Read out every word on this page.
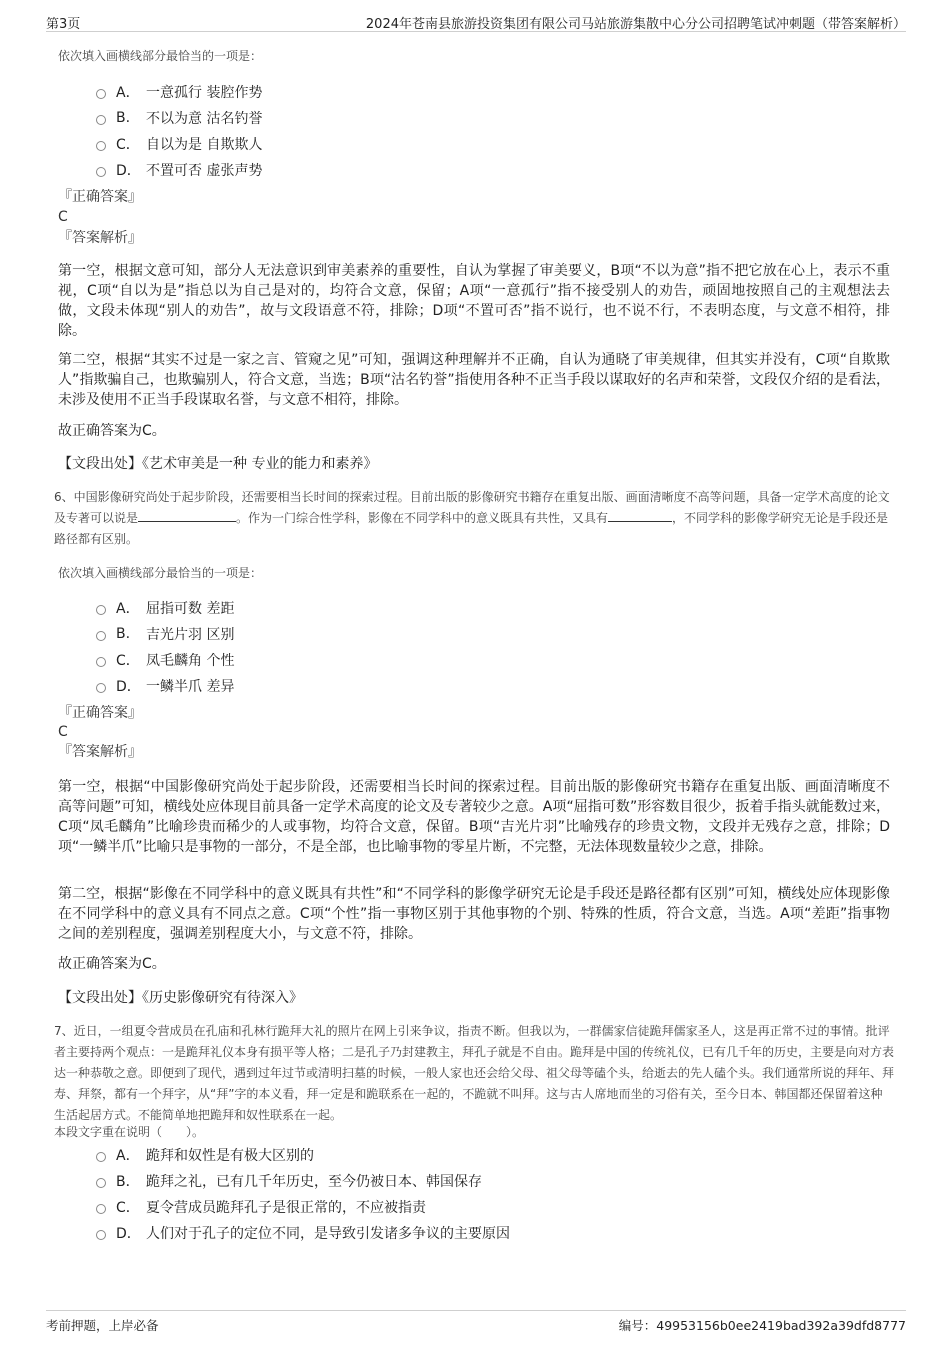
第3页	2024年苍南县旅游投资集团有限公司马站旅游集散中心分公司招聘笔试冲刺题（带答案解析）
依次填入画横线部分最恰当的一项是：
A． 一意孤行 装腔作势
B.	不以为意 沽名钓誉
C． 自以为是 自欺欺人
D． 不置可否 虚张声势
『正确答案』
C
『答案解析』
第一空，根据文意可知，部分人无法意识到审美素养的重要性，自认为掌握了审美要义，B项“不以为意”指不把它放在心上，表示不重视，C项“自以为是”指总以为自己是对的，均符合文意，保留；A项“一意孤行”指不接受别人的劝告，顽固地按照自己的主观想法去做，文段未体现“别人的劝告”，故与文段语意不符，排除；D项“不置可否”指不说行，也不说不行，不表明态度，与文意不相符，排除。
第二空，根据“其实不过是一家之言、管窥之见”可知，强调这种理解并不正确，自认为通晓了审美规律，但其实并没有，C项“自欺欺人”指欺骗自己，也欺骗别人，符合文意，当选；B项“沽名钓誉”指使用各种不正当手段以谋取好的名声和荣誉，文段仅介绍的是看法，未涉及使用不正当手段谋取名誉，与文意不相符，排除。
故正确答案为C。
【文段出处】《艺术审美是一种 专业的能力和素养》
6、中国影像研究尚处于起步阶段，还需要相当长时间的探索过程。目前出版的影像研究书籍存在重复出版、画面清晰度不高等问题，具备一定学术高度的论文及专著可以说是	。作为一门综合性学科，影像在不同学科中的意义既具有共性，又具有	，不同学科的影像学研究无论是手段还是路径都有区别。
依次填入画横线部分最恰当的一项是：
A． 屈指可数 差距
B.	吉光片羽 区别
C． 凤毛麟角 个性
D． 一鳞半爪 差异
『正确答案』
C
『答案解析』
第一空，根据“中国影像研究尚处于起步阶段，还需要相当长时间的探索过程。目前出版的影像研究书籍存在重复出版、画面清晰度不高等问题”可知，横线处应体现目前具备一定学术高度的论文及专著较少之意。A项“屈指可数”形容数目很少，扳着手指头就能数过来，C项“凤毛麟角”比喻珍贵而稀少的人或事物，均符合文意，保留。B项“吉光片羽”比喻残存的珍贵文物，文段并无残存之意，排除；D项“一鳞半爪”比喻只是事物的一部分，不是全部，也比喻事物的零星片断，不完整，无法体现数量较少之意，排除。
第二空，根据“影像在不同学科中的意义既具有共性”和“不同学科的影像学研究无论是手段还是路径都有区别”可知，横线处应体现影像在不同学科中的意义具有不同点之意。C项“个性”指一事物区别于其他事物的个别、特殊的性质，符合文意，当选。A项“差距”指事物之间的差别程度，强调差别程度大小，与文意不符，排除。
故正确答案为C。
【文段出处】《历史影像研究有待深入》
7、近日，一组夏令营成员在孔庙和孔林行跪拜大礼的照片在网上引来争议，指责不断。但我以为，一群儒家信徒跪拜儒家圣人，这是再正常不过的事情。批评者主要持两个观点：一是跪拜礼仪本身有损平等人格；二是孔子乃封建教主，拜孔子就是不自由。跪拜是中国的传统礼仪，已有几千年的历史，主要是向对方表达一种恭敬之意。即便到了现代，遇到过年过节或清明扫墓的时候，一般人家也还会给父母、祖父母等磕个头，给逝去的先人磕个头。我们通常所说的拜年、拜寿、拜祭，都有一个拜字，从“拜”字的本义看，拜一定是和跪联系在一起的，不跪就不叫拜。这与古人席地而坐的习俗有关，至今日本、韩国都还保留着这种生活起居方式。不能简单地把跪拜和奴性联系在一起。
本段文字重在说明（　　）。
A． 跪拜和奴性是有极大区别的
B． 跪拜之礼，已有几千年历史，至今仍被日本、韩国保存
C． 夏令营成员跪拜孔子是很正常的，不应被指责
D． 人们对于孔子的定位不同，是导致引发诸多争议的主要原因
考前押题，上岸必备	编号：49953156b0ee2419bad392a39dfd8777
